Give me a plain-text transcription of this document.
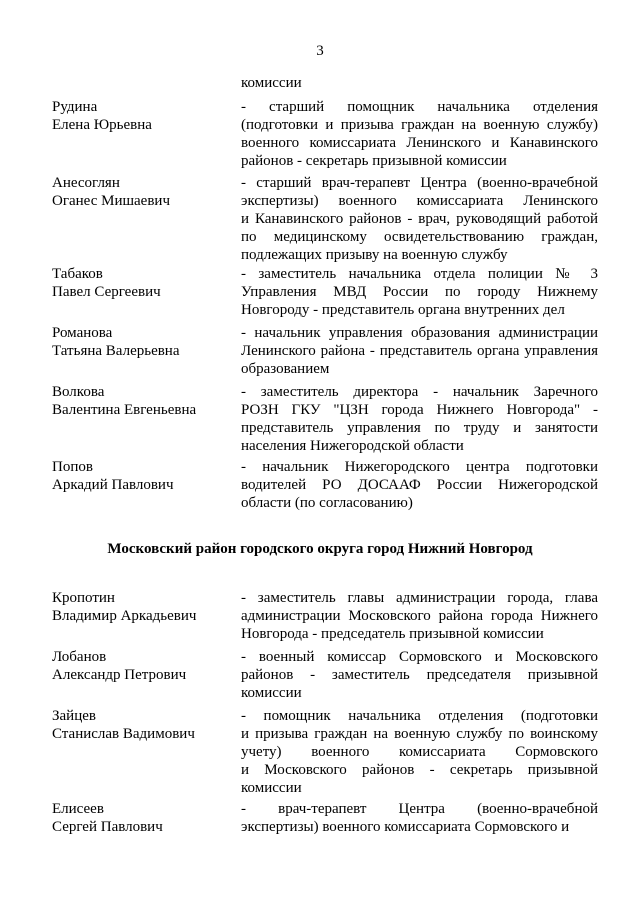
3
комиссии
Рудина
Елена Юрьевна
- старший помощник начальника отделения
(подготовки и призыва граждан на военную службу)
военного комиссариата Ленинского и Канавинского
районов - секретарь призывной комиссии
Анесоглян
Оганес Мишаевич
- старший врач-терапевт Центра (военно-врачебной
экспертизы) военного комиссариата Ленинского
и Канавинского районов - врач, руководящий работой
по медицинскому освидетельствованию граждан,
подлежащих призыву на военную службу
Табаков
Павел Сергеевич
- заместитель начальника отдела полиции № 3
Управления МВД России по городу Нижнему
Новгороду - представитель органа внутренних дел
Романова
Татьяна Валерьевна
- начальник управления образования администрации
Ленинского района - представитель органа управления
образованием
Волкова
Валентина Евгеньевна
- заместитель директора - начальник Заречного
РОЗН ГКУ "ЦЗН города Нижнего Новгорода" -
представитель управления по труду и занятости
населения Нижегородской области
Попов
Аркадий Павлович
- начальник Нижегородского центра подготовки
водителей РО ДОСААФ России Нижегородской
области (по согласованию)
Кропотин
Владимир Аркадьевич
- заместитель главы администрации города, глава
администрации Московского района города Нижнего
Новгорода - председатель призывной комиссии
Лобанов
Александр Петрович
- военный комиссар Сормовского и Московского
районов - заместитель председателя призывной
комиссии
Зайцев
Станислав Вадимович
- помощник начальника отделения (подготовки
и призыва граждан на военную службу по воинскому
учету) военного комиссариата Сормовского
и Московского районов - секретарь призывной
комиссии
Елисеев
Сергей Павлович
- врач-терапевт Центра (военно-врачебной
экспертизы) военного комиссариата Сормовского и
Московский район городского округа город Нижний Новгород
